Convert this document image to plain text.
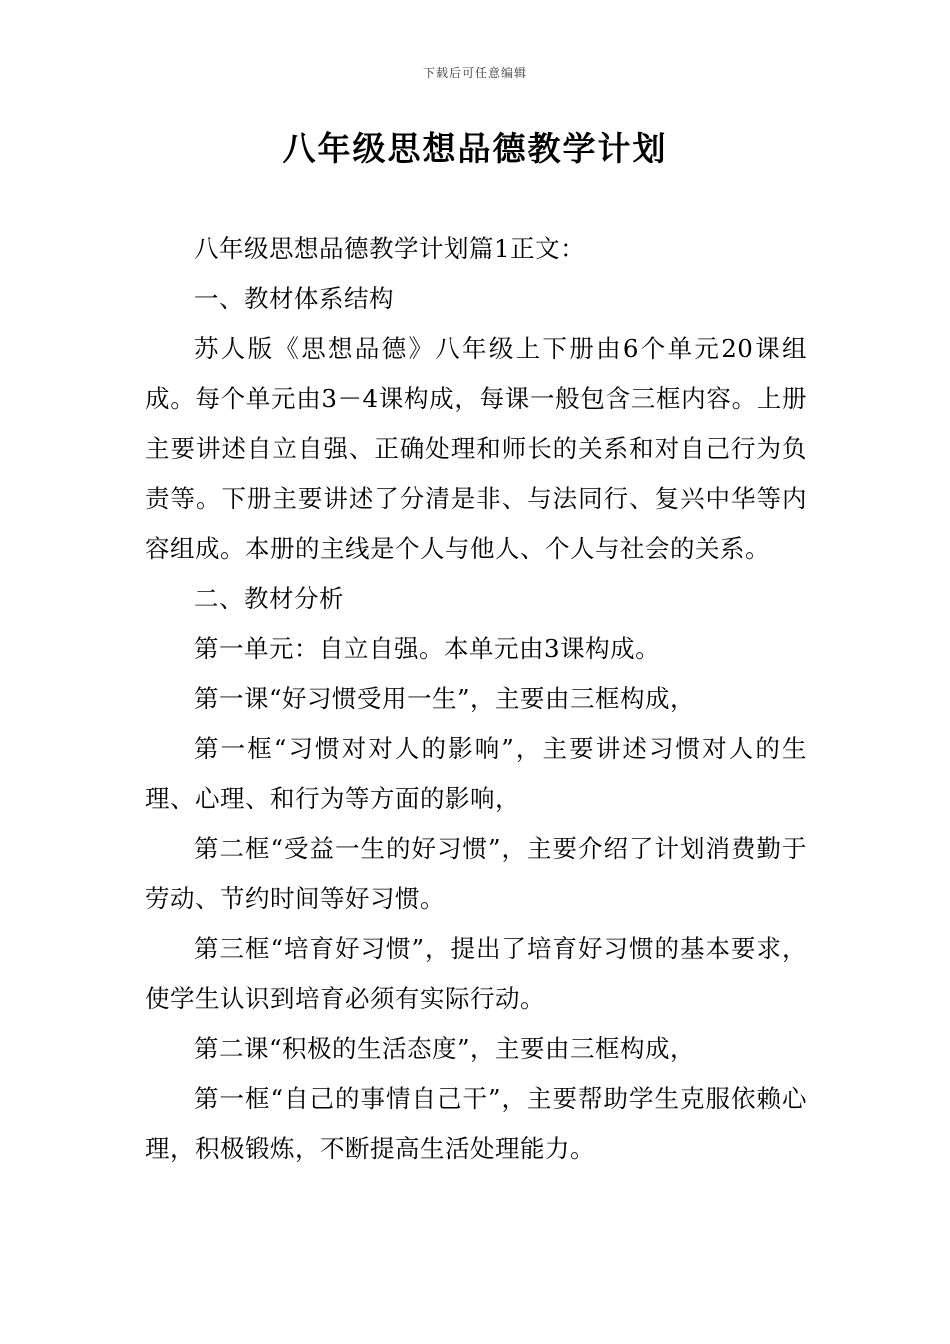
下载后可任意编辑
八年级思想品德教学计划

八年级思想品德教学计划篇1正文：

一、教材体系结构

苏人版《思想品德》八年级上下册由6个单元20课组成。每个单元由3－4课构成，每课一般包含三框内容。上册主要讲述自立自强、正确处理和师长的关系和对自己行为负责等。下册主要讲述了分清是非、与法同行、复兴中华等内容组成。本册的主线是个人与他人、个人与社会的关系。

二、教材分析

第一单元：自立自强。本单元由3课构成。

第一课“好习惯受用一生”，主要由三框构成，

第一框“习惯对对人的影响”，主要讲述习惯对人的生理、心理、和行为等方面的影响，

第二框“受益一生的好习惯”，主要介绍了计划消费勤于劳动、节约时间等好习惯。

第三框“培育好习惯”，提出了培育好习惯的基本要求，使学生认识到培育必须有实际行动。

第二课“积极的生活态度”，主要由三框构成，

第一框“自己的事情自己干”，主要帮助学生克服依赖心理，积极锻炼，不断提高生活处理能力。
